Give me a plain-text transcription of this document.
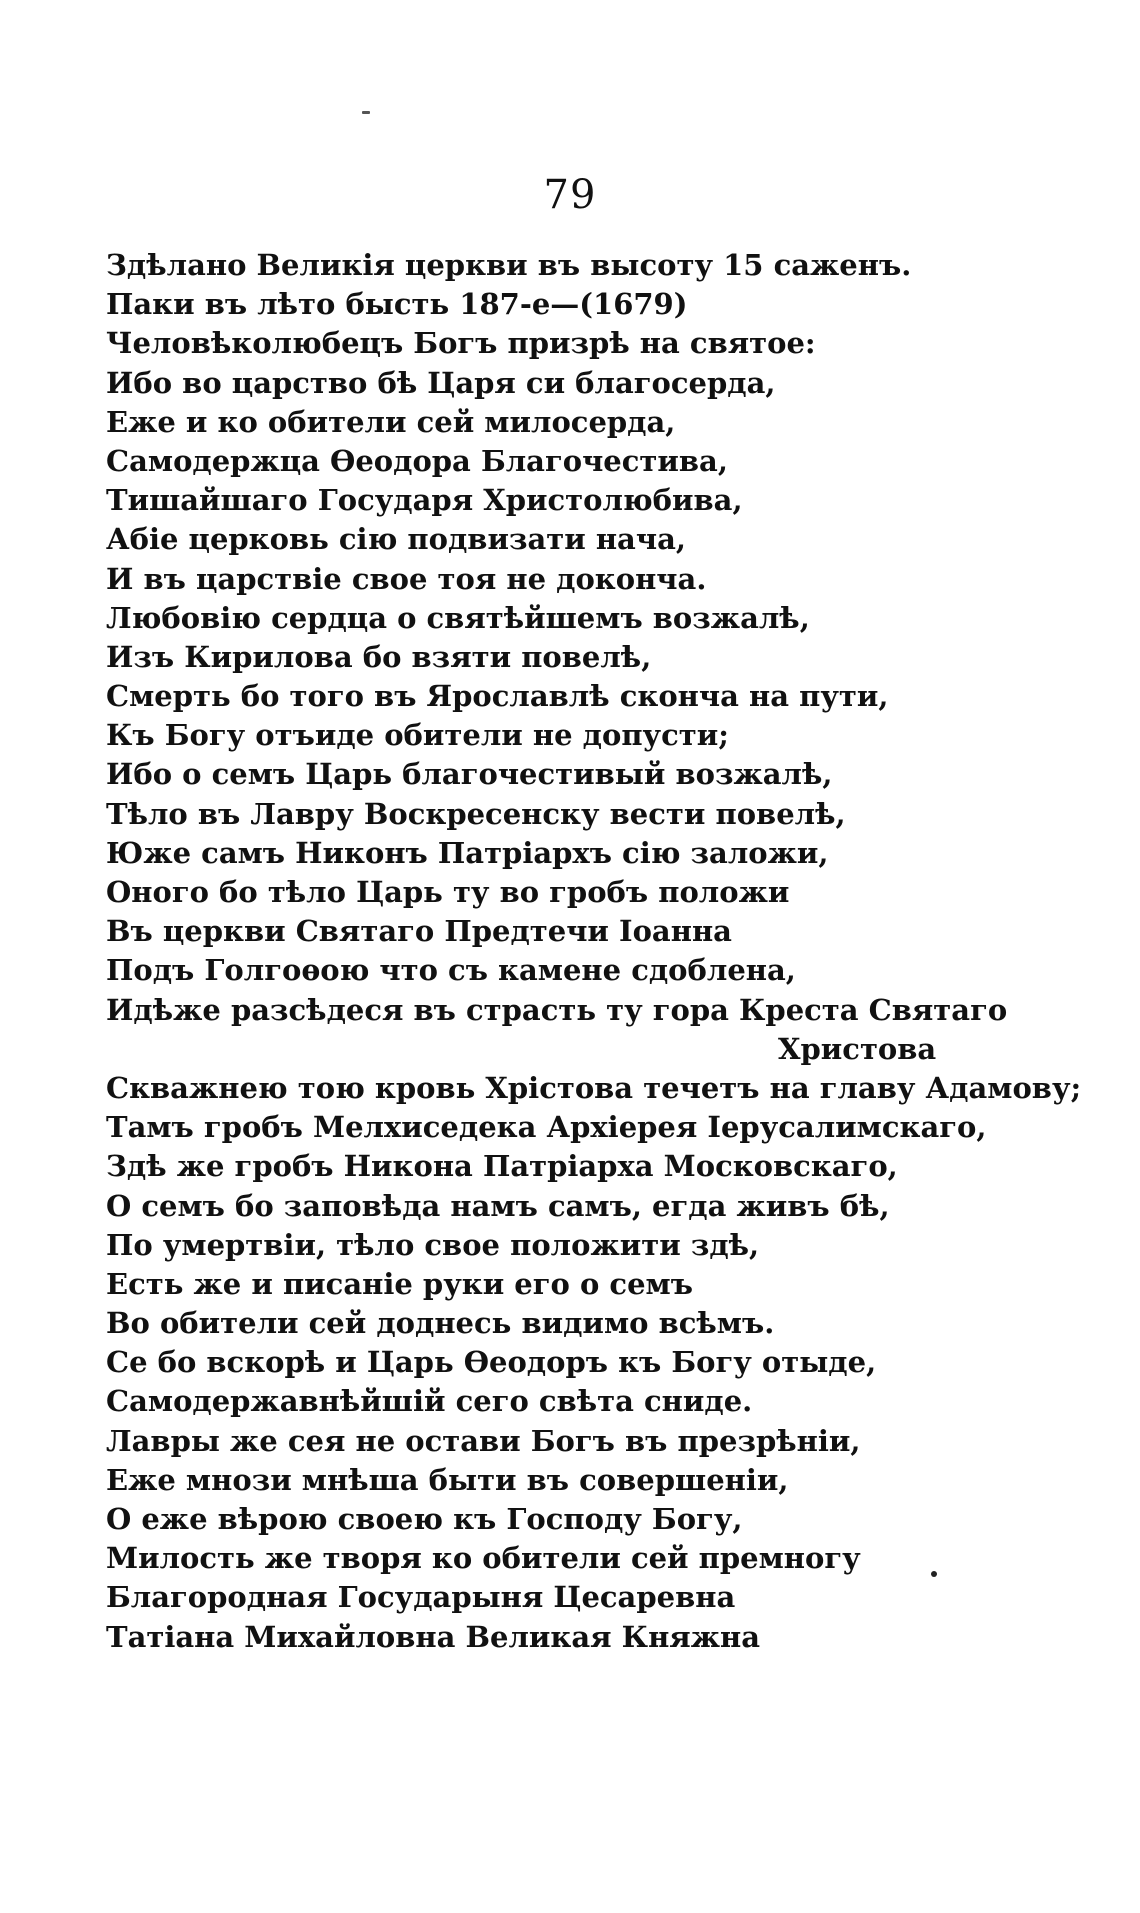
79
Здѣлано Великія церкви въ высоту 15 саженъ.
Паки въ лѣто бысть 187-е—(1679)
Человѣколюбецъ Богъ призрѣ на святое:
Ибо во царство бѣ Царя си благосерда,
Еже и ко обители сей милосерда,
Самодержца Ѳеодора Благочестива,
Тишайшаго Государя Христолюбива,
Абіе церковь сію подвизати нача,
И въ царствіе свое тоя не доконча.
Любовію сердца о святѣйшемъ возжалѣ,
Изъ Кирилова бо взяти повелѣ,
Смерть бо того въ Ярославлѣ сконча на пути,
Къ Богу отъиде обители не допусти;
Ибо о семъ Царь благочестивый возжалѣ,
Тѣло въ Лавру Воскресенску вести повелѣ,
Юже самъ Никонъ Патріархъ сію заложи,
Оного бо тѣло Царь ту во гробъ положи
Въ церкви Святаго Предтечи Іоанна
Подъ Голгоѳою что съ камене сдоблена,
Идѣже разсѣдеся въ страсть ту гора Креста Святаго
Христова
Скважнею тою кровь Хрістова течетъ на главу Адамову;
Тамъ гробъ Мелхиседека Архіерея Іерусалимскаго,
Здѣ же гробъ Никона Патріарха Московскаго,
О семъ бо заповѣда намъ самъ, егда живъ бѣ,
По умертвіи, тѣло свое положити здѣ,
Есть же и писаніе руки его о семъ
Во обители сей доднесь видимо всѣмъ.
Се бо вскорѣ и Царь Ѳеодоръ къ Богу отыде,
Самодержавнѣйшій сего свѣта сниде.
Лавры же сея не остави Богъ въ презрѣніи,
Еже мнози мнѣша быти въ совершеніи,
О еже вѣрою своею къ Господу Богу,
Милость же творя ко обители сей премногу
Благородная Государыня Цесаревна
Татіана Михайловна Великая Княжна
